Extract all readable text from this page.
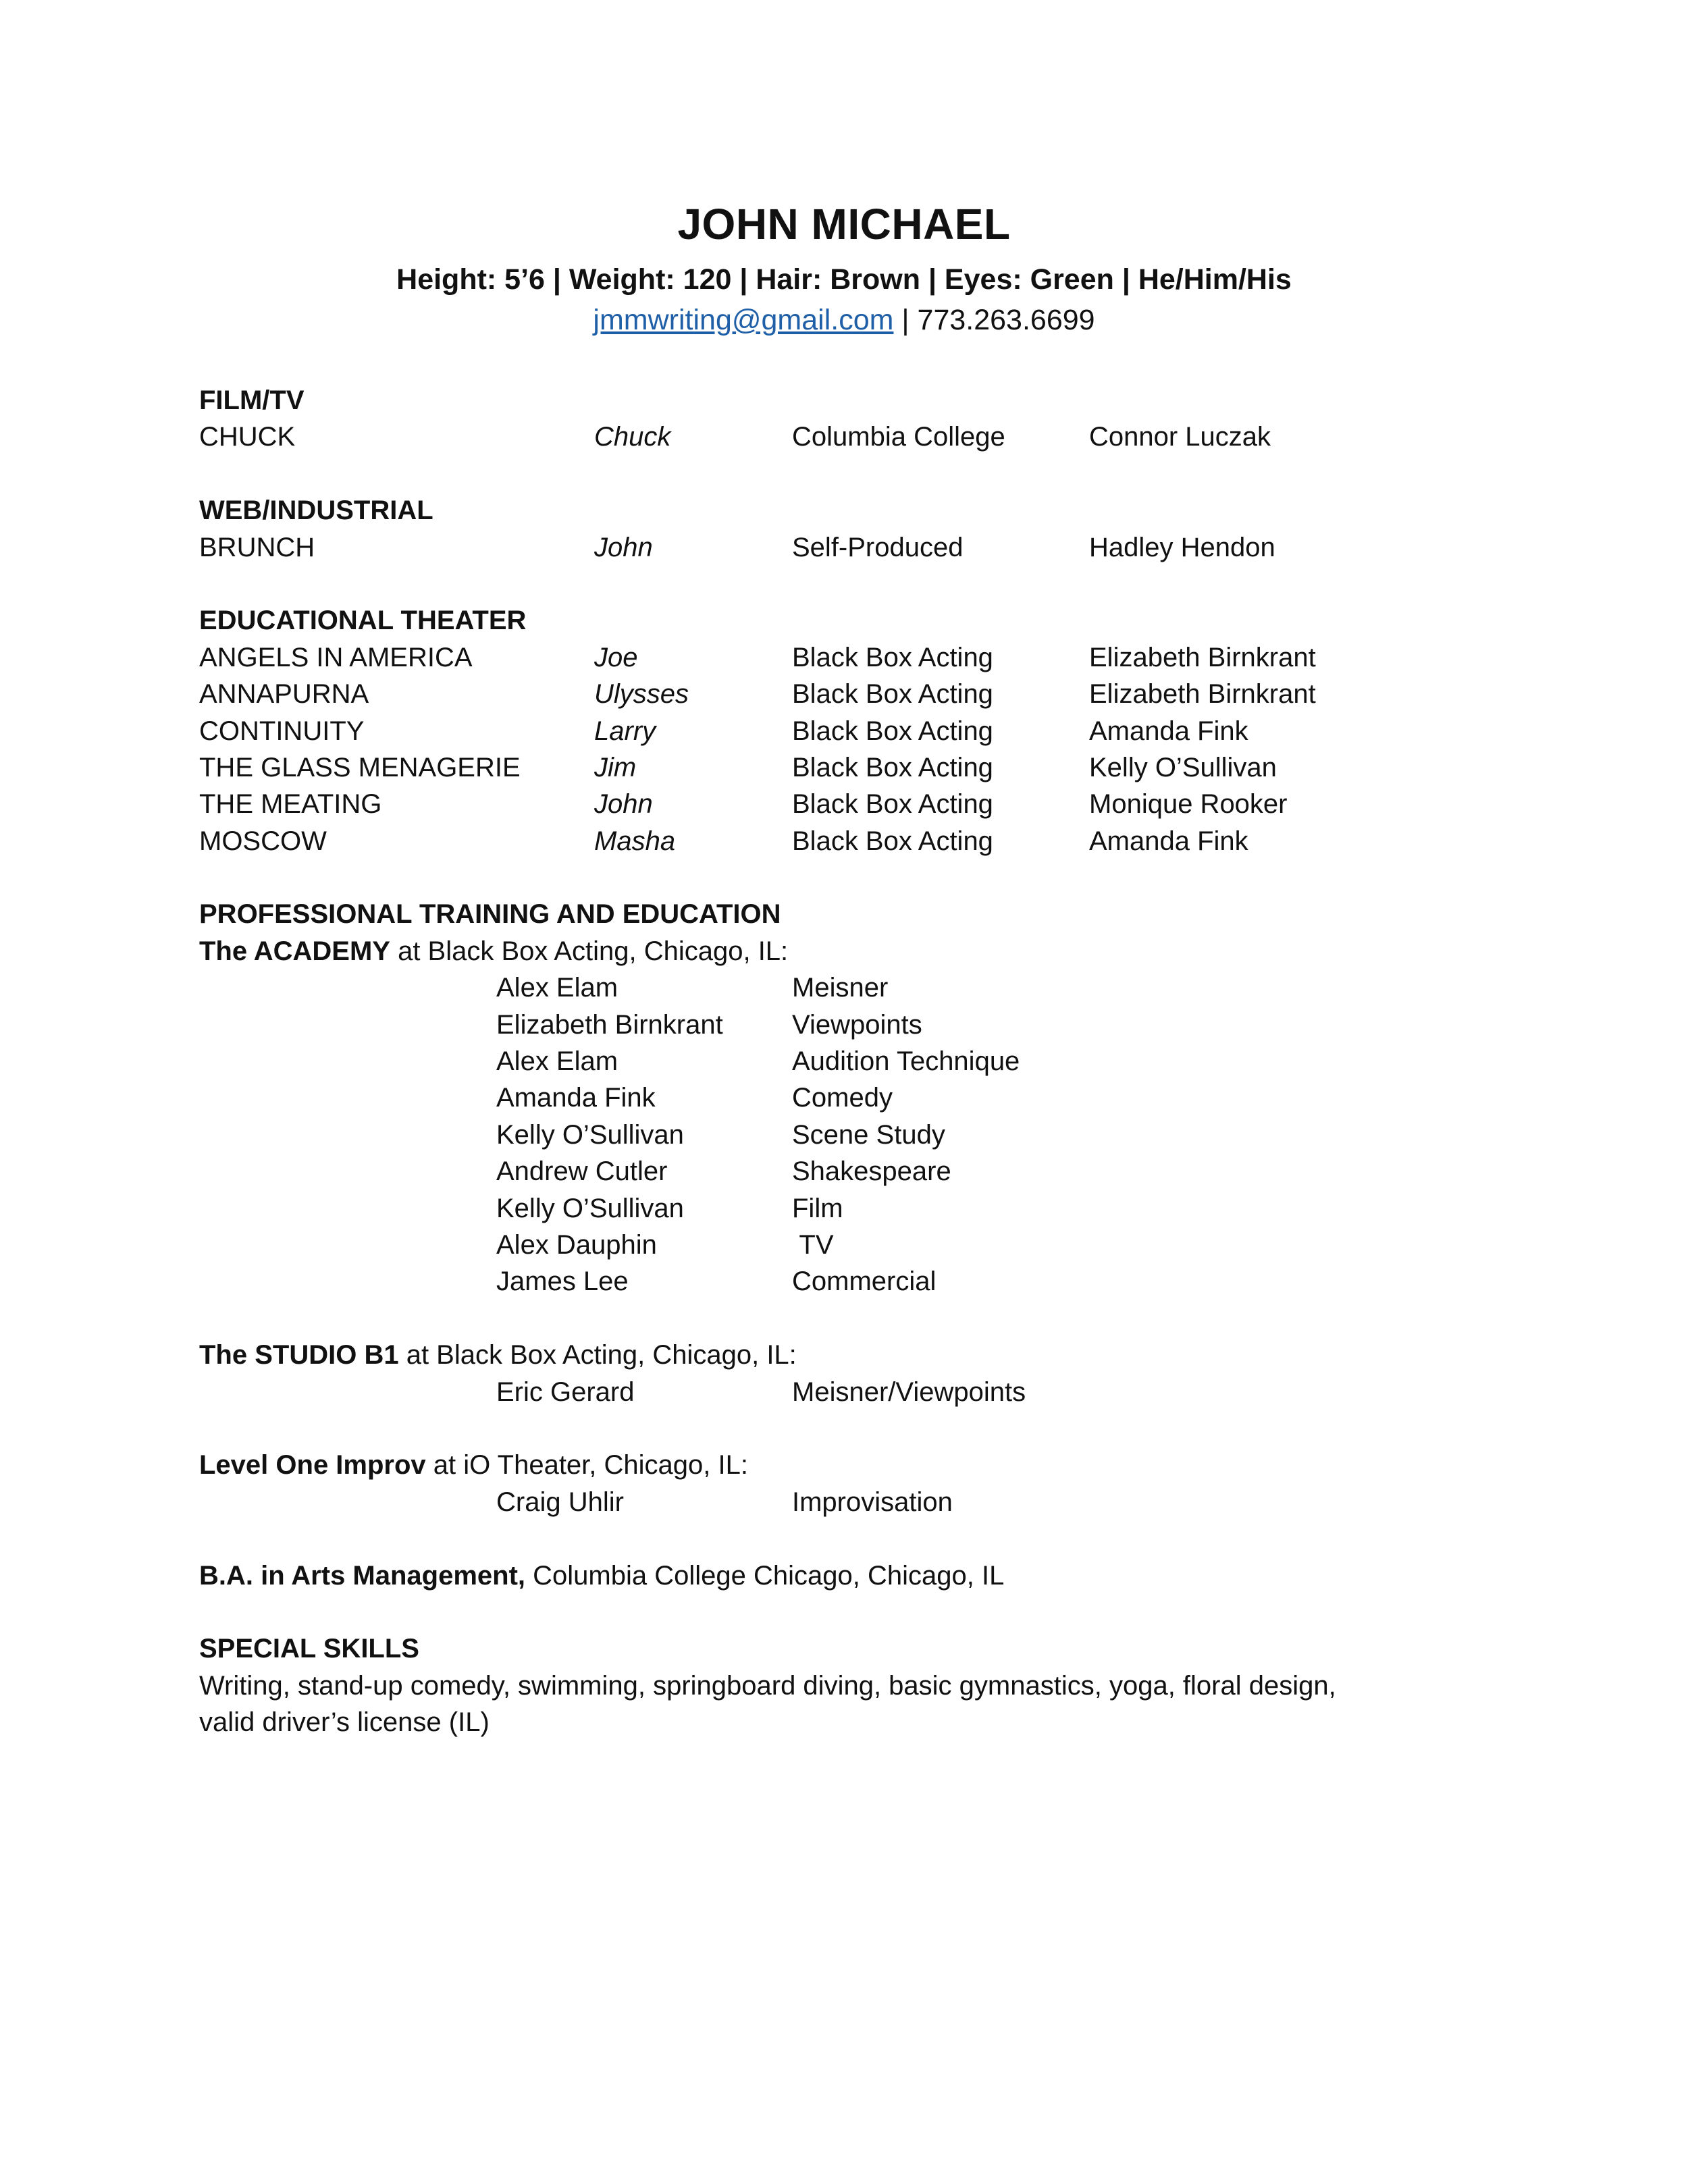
JOHN MICHAEL
Height: 5’6 | Weight: 120 | Hair: Brown | Eyes: Green | He/Him/His
jmmwriting@gmail.com | 773.263.6699
FILM/TV
CHUCK	Chuck	Columbia College	Connor Luczak
WEB/INDUSTRIAL
BRUNCH	John	Self-Produced	Hadley Hendon
EDUCATIONAL THEATER
ANGELS IN AMERICA	Joe	Black Box Acting	Elizabeth Birnkrant
ANNAPURNA	Ulysses	Black Box Acting	Elizabeth Birnkrant
CONTINUITY	Larry	Black Box Acting	Amanda Fink
THE GLASS MENAGERIE	Jim	Black Box Acting	Kelly O’Sullivan
THE MEATING	John	Black Box Acting	Monique Rooker
MOSCOW	Masha	Black Box Acting	Amanda Fink
PROFESSIONAL TRAINING AND EDUCATION
The ACADEMY at Black Box Acting, Chicago, IL:
Alex Elam	Meisner
Elizabeth Birnkrant	Viewpoints
Alex Elam	Audition Technique
Amanda Fink	Comedy
Kelly O’Sullivan	Scene Study
Andrew Cutler	Shakespeare
Kelly O’Sullivan	Film
Alex Dauphin	TV
James Lee	Commercial
The STUDIO B1 at Black Box Acting, Chicago, IL:
Eric Gerard	Meisner/Viewpoints
Level One Improv at iO Theater, Chicago, IL:
Craig Uhlir	Improvisation
B.A. in Arts Management, Columbia College Chicago, Chicago, IL
SPECIAL SKILLS
Writing, stand-up comedy, swimming, springboard diving, basic gymnastics, yoga, floral design,
valid driver’s license (IL)
